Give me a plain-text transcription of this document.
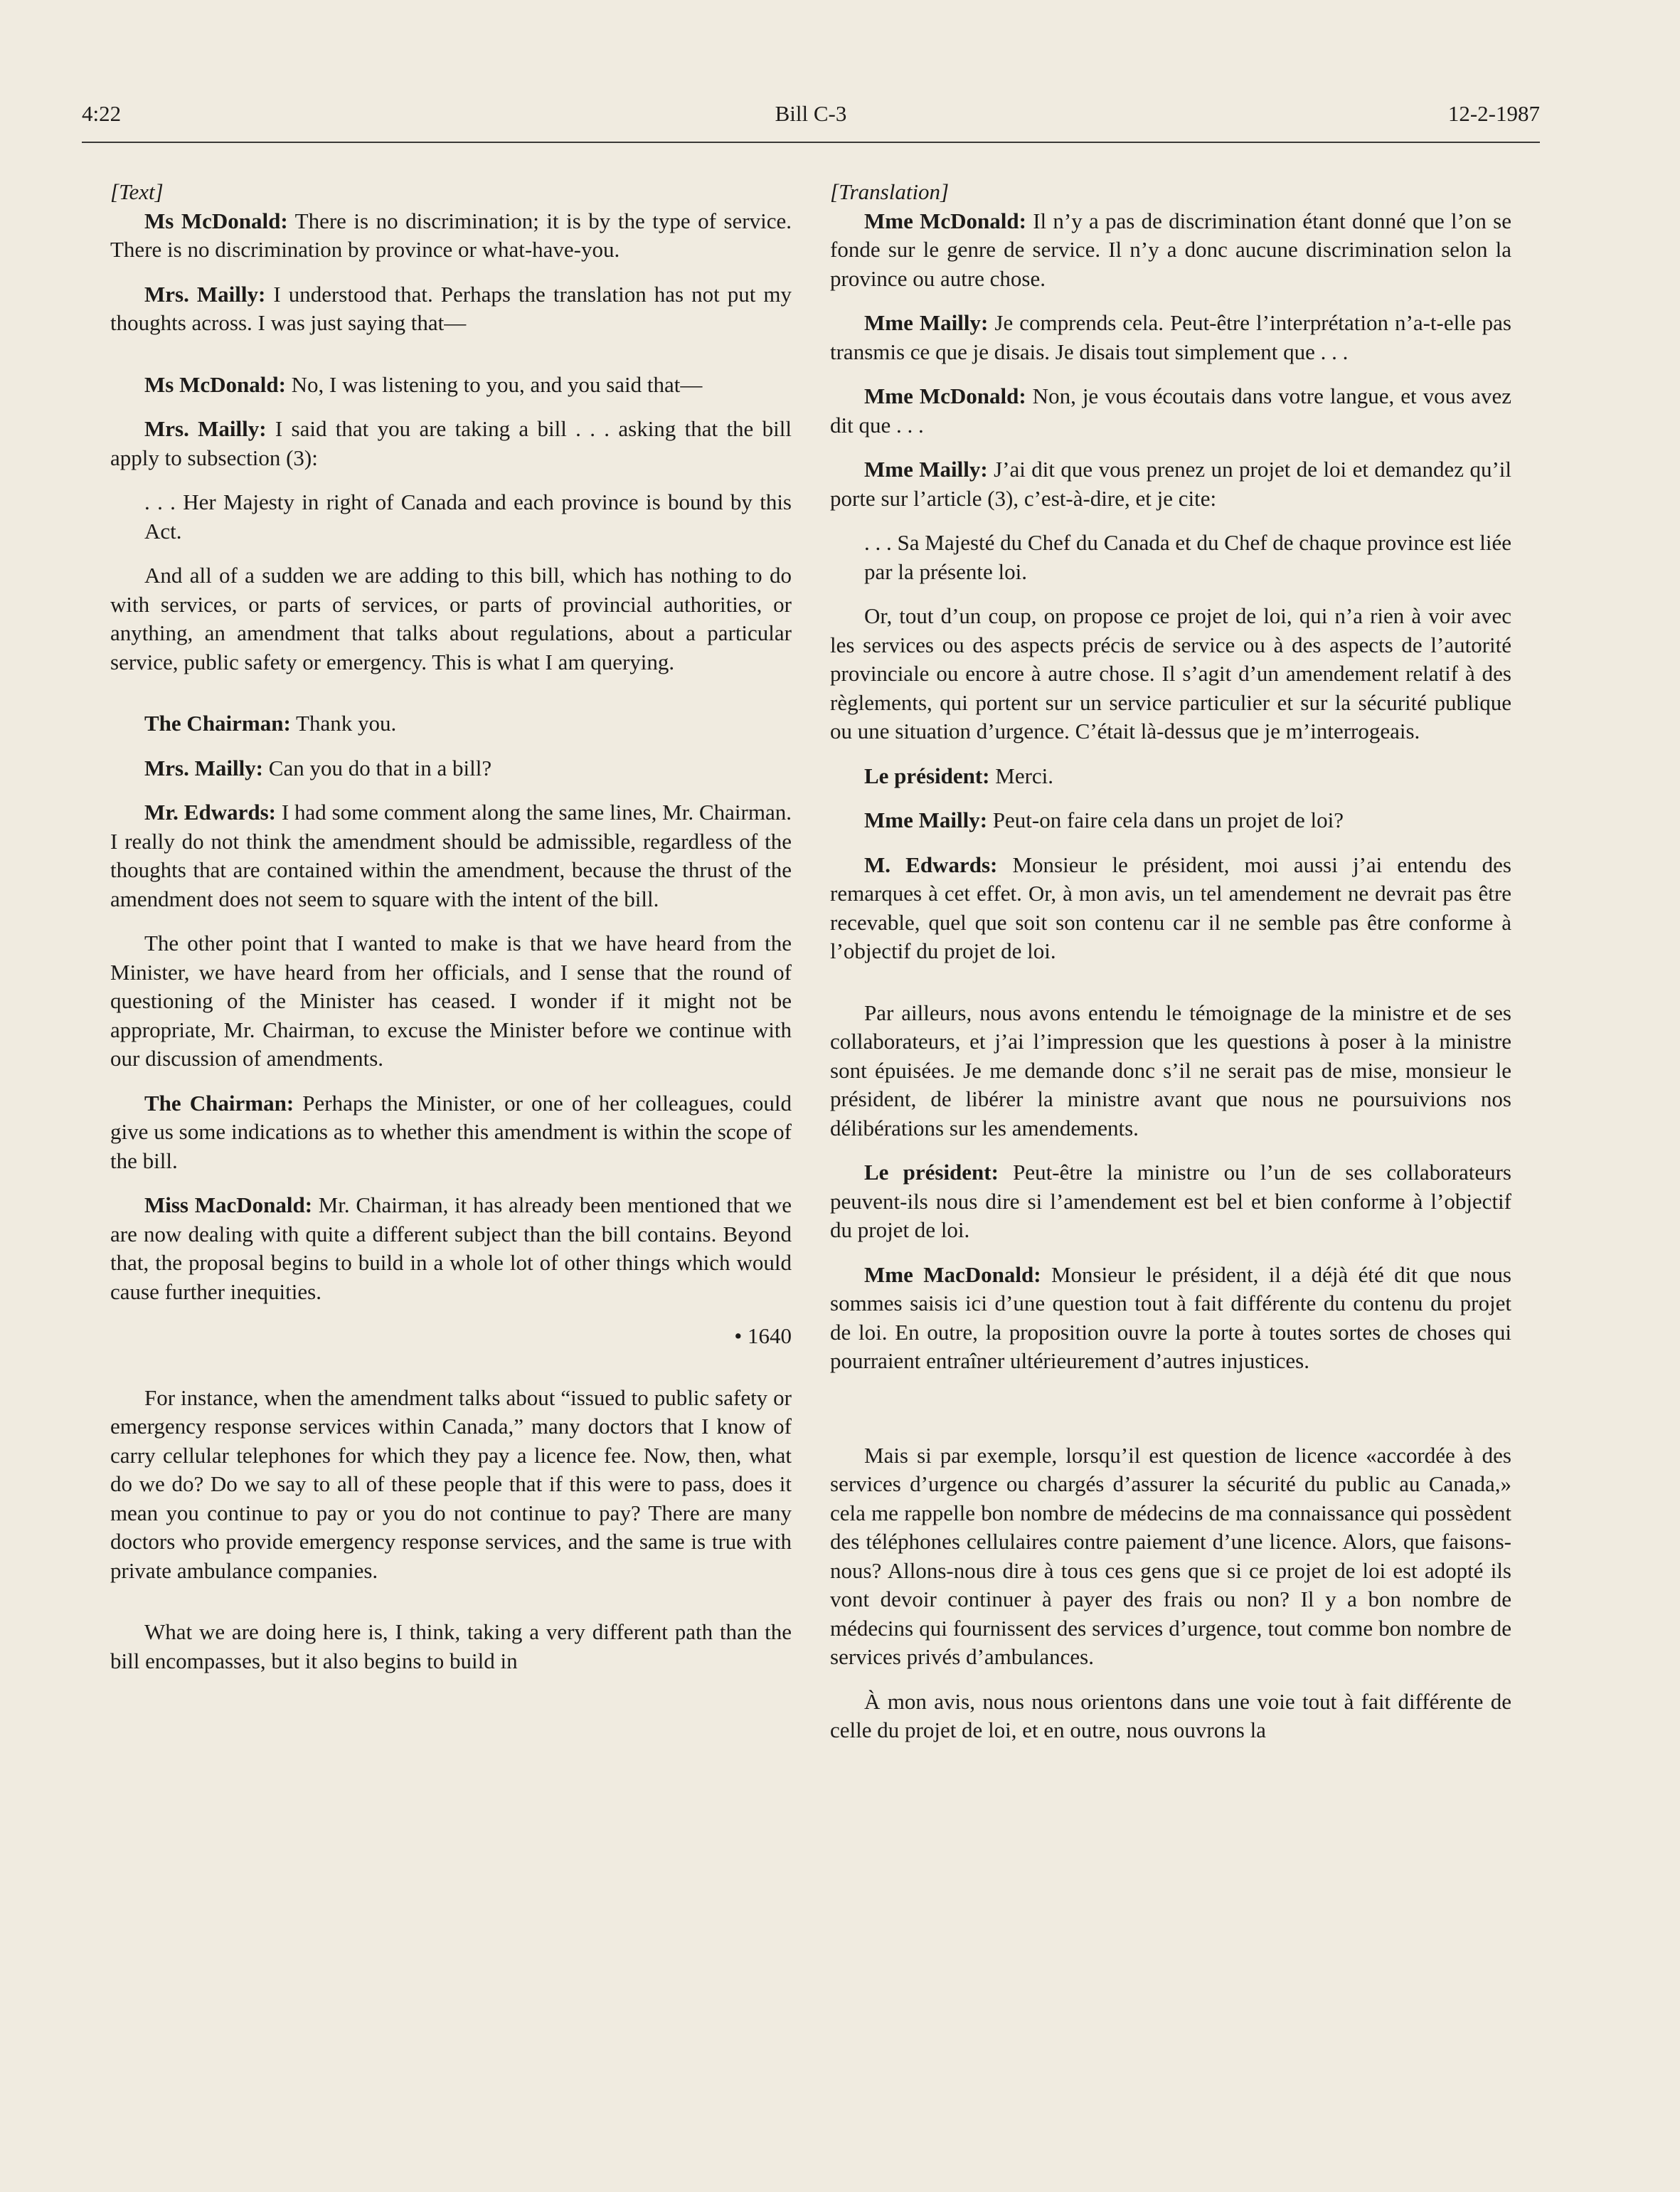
4:22	Bill C-3	12-2-1987

[Text]

Ms McDonald: There is no discrimination; it is by the type of service. There is no discrimination by province or what-have-you.

Mrs. Mailly: I understood that. Perhaps the translation has not put my thoughts across. I was just saying that—

Ms McDonald: No, I was listening to you, and you said that—

Mrs. Mailly: I said that you are taking a bill . . . asking that the bill apply to subsection (3):

. . . Her Majesty in right of Canada and each province is bound by this Act.

And all of a sudden we are adding to this bill, which has nothing to do with services, or parts of services, or parts of provincial authorities, or anything, an amendment that talks about regulations, about a particular service, public safety or emergency. This is what I am querying.

The Chairman: Thank you.

Mrs. Mailly: Can you do that in a bill?

Mr. Edwards: I had some comment along the same lines, Mr. Chairman. I really do not think the amendment should be admissible, regardless of the thoughts that are contained within the amendment, because the thrust of the amendment does not seem to square with the intent of the bill.

The other point that I wanted to make is that we have heard from the Minister, we have heard from her officials, and I sense that the round of questioning of the Minister has ceased. I wonder if it might not be appropriate, Mr. Chairman, to excuse the Minister before we continue with our discussion of amendments.

The Chairman: Perhaps the Minister, or one of her colleagues, could give us some indications as to whether this amendment is within the scope of the bill.

Miss MacDonald: Mr. Chairman, it has already been mentioned that we are now dealing with quite a different subject than the bill contains. Beyond that, the proposal begins to build in a whole lot of other things which would cause further inequities.

• 1640

For instance, when the amendment talks about “issued to public safety or emergency response services within Canada,” many doctors that I know of carry cellular telephones for which they pay a licence fee. Now, then, what do we do? Do we say to all of these people that if this were to pass, does it mean you continue to pay or you do not continue to pay? There are many doctors who provide emergency response services, and the same is true with private ambulance companies.

What we are doing here is, I think, taking a very different path than the bill encompasses, but it also begins to build in

[Translation]

Mme McDonald: Il n’y a pas de discrimination étant donné que l’on se fonde sur le genre de service. Il n’y a donc aucune discrimination selon la province ou autre chose.

Mme Mailly: Je comprends cela. Peut-être l’interprétation n’a-t-elle pas transmis ce que je disais. Je disais tout simplement que . . .

Mme McDonald: Non, je vous écoutais dans votre langue, et vous avez dit que . . .

Mme Mailly: J’ai dit que vous prenez un projet de loi et demandez qu’il porte sur l’article (3), c’est-à-dire, et je cite:

. . . Sa Majesté du Chef du Canada et du Chef de chaque province est liée par la présente loi.

Or, tout d’un coup, on propose ce projet de loi, qui n’a rien à voir avec les services ou des aspects précis de service ou à des aspects de l’autorité provinciale ou encore à autre chose. Il s’agit d’un amendement relatif à des règlements, qui portent sur un service particulier et sur la sécurité publique ou une situation d’urgence. C’était là-dessus que je m’interrogeais.

Le président: Merci.

Mme Mailly: Peut-on faire cela dans un projet de loi?

M. Edwards: Monsieur le président, moi aussi j’ai entendu des remarques à cet effet. Or, à mon avis, un tel amendement ne devrait pas être recevable, quel que soit son contenu car il ne semble pas être conforme à l’objectif du projet de loi.

Par ailleurs, nous avons entendu le témoignage de la ministre et de ses collaborateurs, et j’ai l’impression que les questions à poser à la ministre sont épuisées. Je me demande donc s’il ne serait pas de mise, monsieur le président, de libérer la ministre avant que nous ne poursuivions nos délibérations sur les amendements.

Le président: Peut-être la ministre ou l’un de ses collaborateurs peuvent-ils nous dire si l’amendement est bel et bien conforme à l’objectif du projet de loi.

Mme MacDonald: Monsieur le président, il a déjà été dit que nous sommes saisis ici d’une question tout à fait différente du contenu du projet de loi. En outre, la proposition ouvre la porte à toutes sortes de choses qui pourraient entraîner ultérieurement d’autres injustices.

Mais si par exemple, lorsqu’il est question de licence «accordée à des services d’urgence ou chargés d’assurer la sécurité du public au Canada,» cela me rappelle bon nombre de médecins de ma connaissance qui possèdent des téléphones cellulaires contre paiement d’une licence. Alors, que faisons-nous? Allons-nous dire à tous ces gens que si ce projet de loi est adopté ils vont devoir continuer à payer des frais ou non? Il y a bon nombre de médecins qui fournissent des services d’urgence, tout comme bon nombre de services privés d’ambulances.

À mon avis, nous nous orientons dans une voie tout à fait différente de celle du projet de loi, et en outre, nous ouvrons la
